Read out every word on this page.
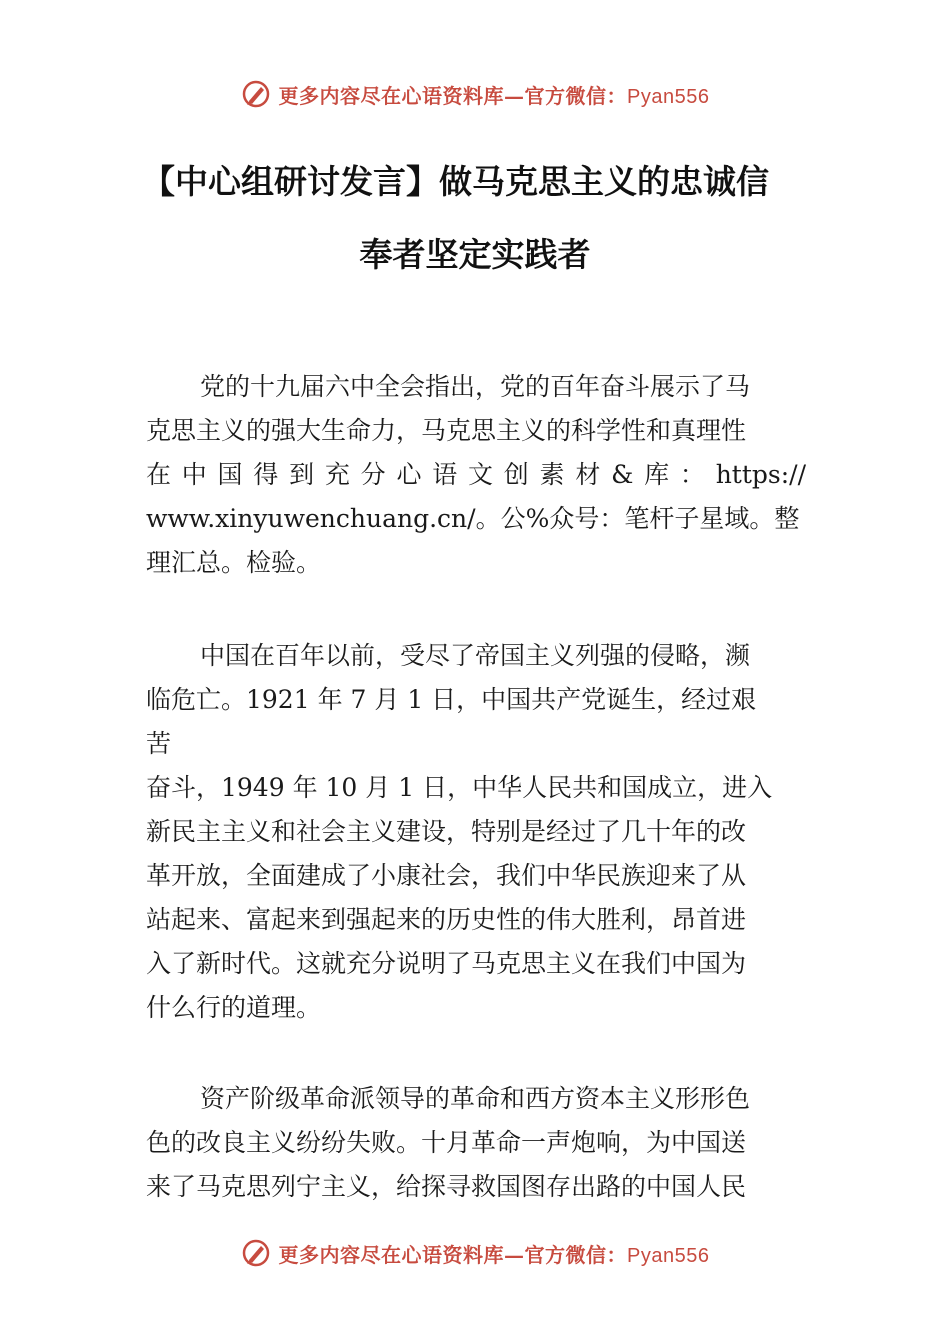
更多内容尽在心语资料库—官方微信：Pyan556
【中心组研讨发言】做马克思主义的忠诚信
奉者坚定实践者
党的十九届六中全会指出，党的百年奋斗展示了马
克思主义的强大生命力，马克思主义的科学性和真理性
在中国得到充分心语文创素材&库：https://
www.xinyuwenchuang.cn/。公%众号：笔杆子星域。整
理汇总。检验。
中国在百年以前，受尽了帝国主义列强的侵略，濒
临危亡。1921 年 7 月 1 日，中国共产党诞生，经过艰
苦
奋斗，1949 年 10 月 1 日，中华人民共和国成立，进入
新民主主义和社会主义建设，特别是经过了几十年的改
革开放，全面建成了小康社会，我们中华民族迎来了从
站起来、富起来到强起来的历史性的伟大胜利，昂首进
入了新时代。这就充分说明了马克思主义在我们中国为
什么行的道理。
资产阶级革命派领导的革命和西方资本主义形形色
色的改良主义纷纷失败。十月革命一声炮响，为中国送
来了马克思列宁主义，给探寻救国图存出路的中国人民
更多内容尽在心语资料库—官方微信：Pyan556
